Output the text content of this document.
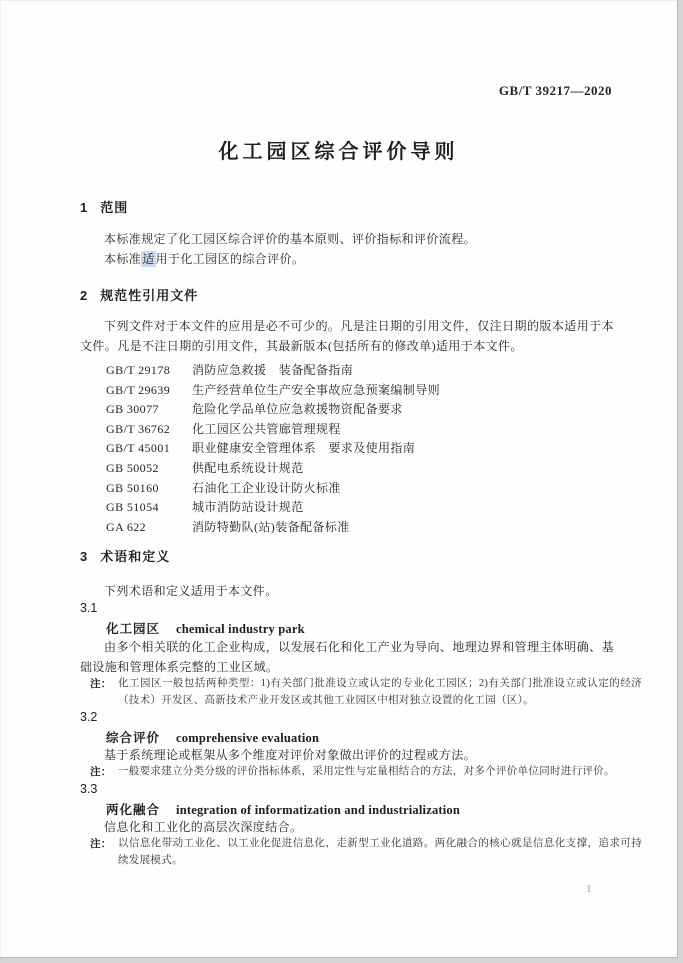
GB/T 39217—2020
化工园区综合评价导则
1 范围

本标准规定了化工园区综合评价的基本原则、评价指标和评价流程。

本标准适用于化工园区的综合评价。

2 规范性引用文件

下列文件对于本文件的应用是必不可少的。凡是注日期的引用文件，仅注日期的版本适用于本文件。凡是不注日期的引用文件，其最新版本(包括所有的修改单)适用于本文件。

GB/T 29178 消防应急救援　装备配备指南
GB/T 29639 生产经营单位生产安全事故应急预案编制导则
GB 30077	危险化学品单位应急救援物资配备要求
GB/T 36762 化工园区公共管廊管理规程
GB/T 45001 职业健康安全管理体系　要求及使用指南
GB 50052	供配电系统设计规范
GB 50160	石油化工企业设计防火标准
GB 51054	城市消防站设计规范
GA 622	消防特勤队(站)装备配备标准
3 术语和定义

下列术语和定义适用于本文件。

3.1
化工园区 chemical industry park

由多个相关联的化工企业构成，以发展石化和化工产业为导向、地理边界和管理主体明确、基础设施和管理体系完整的工业区域。

注： 化工园区一般包括两种类型：1)有关部门批准设立或认定的专业化工园区；2)有关部门批准设立或认定的经济（技术）开发区、高新技术产业开发区或其他工业园区中相对独立设置的化工园（区）。
3.2
综合评价 comprehensive evaluation

基于系统理论或框架从多个维度对评价对象做出评价的过程或方法。

注： 一般要求建立分类分级的评价指标体系，采用定性与定量相结合的方法，对多个评价单位同时进行评价。
3.3
两化融合 integration of informatization and industrialization

信息化和工业化的高层次深度结合。

注： 以信息化带动工业化、以工业化促进信息化，走新型工业化道路。两化融合的核心就是信息化支撑，追求可持续发展模式。
1
